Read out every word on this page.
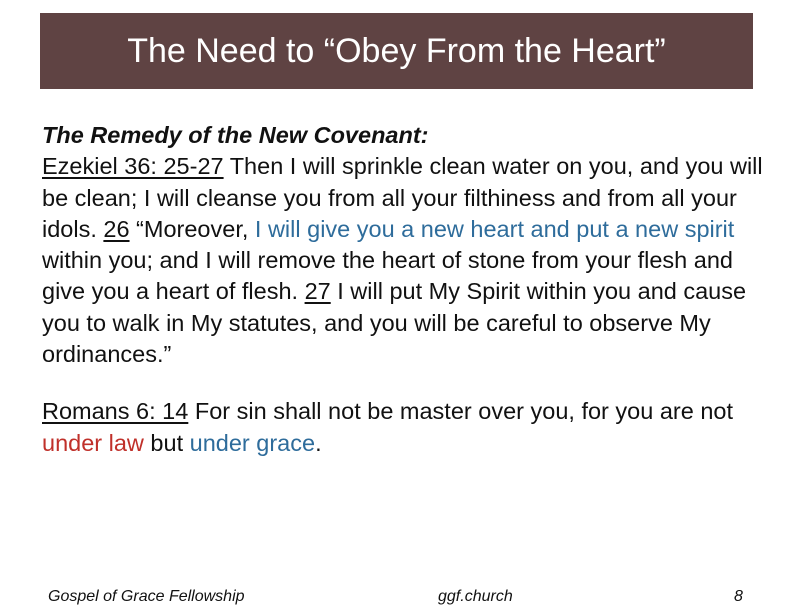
The Need to “Obey From the Heart”

The Remedy of the New Covenant:
Ezekiel 36: 25-27 Then I will sprinkle clean water on you, and you will be clean; I will cleanse you from all your filthiness and from all your idols. 26 “Moreover, I will give you a new heart and put a new spirit within you; and I will remove the heart of stone from your flesh and give you a heart of flesh. 27 I will put My Spirit within you and cause you to walk in My statutes, and you will be careful to observe My ordinances.”

Romans 6: 14 For sin shall not be master over you, for you are not under law but under grace.

Gospel of Grace Fellowship	ggf.church	8
